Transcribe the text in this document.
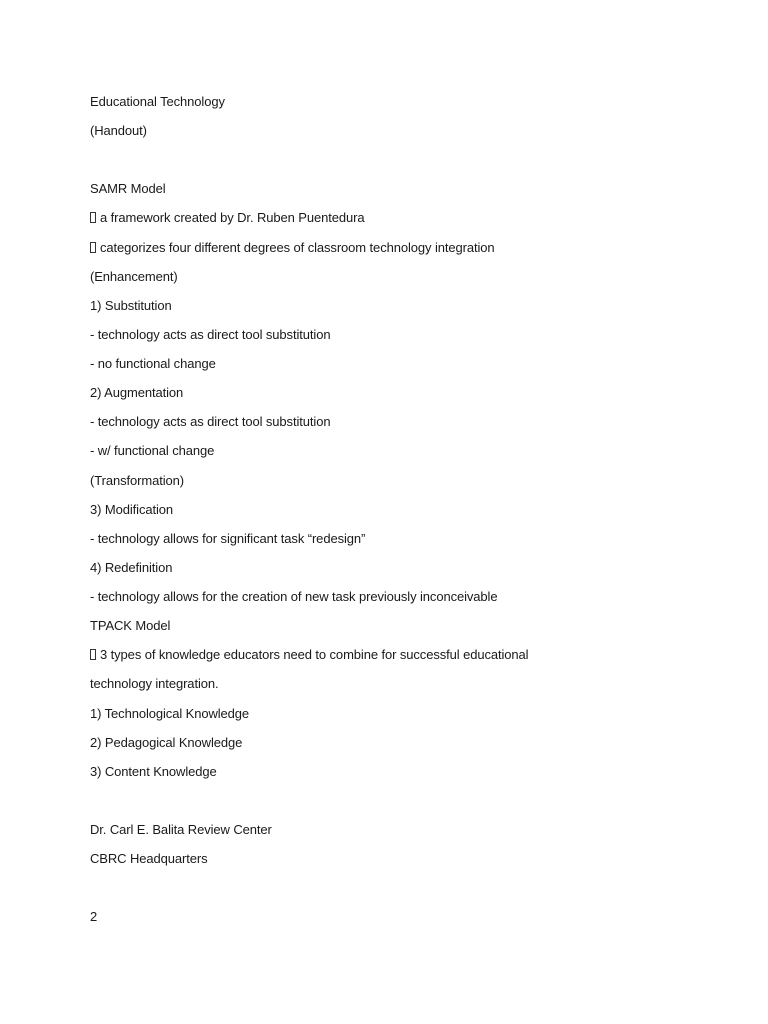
Educational Technology
(Handout)
SAMR Model
a framework created by Dr. Ruben Puentedura
categorizes four different degrees of classroom technology integration
(Enhancement)
1) Substitution
- technology acts as direct tool substitution
- no functional change
2) Augmentation
- technology acts as direct tool substitution
- w/ functional change
(Transformation)
3) Modification
- technology allows for significant task “redesign”
4) Redefinition
- technology allows for the creation of new task previously inconceivable
TPACK Model
3 types of knowledge educators need to combine for successful educational
technology integration.
1) Technological Knowledge
2) Pedagogical Knowledge
3) Content Knowledge
Dr. Carl E. Balita Review Center
CBRC Headquarters
2
